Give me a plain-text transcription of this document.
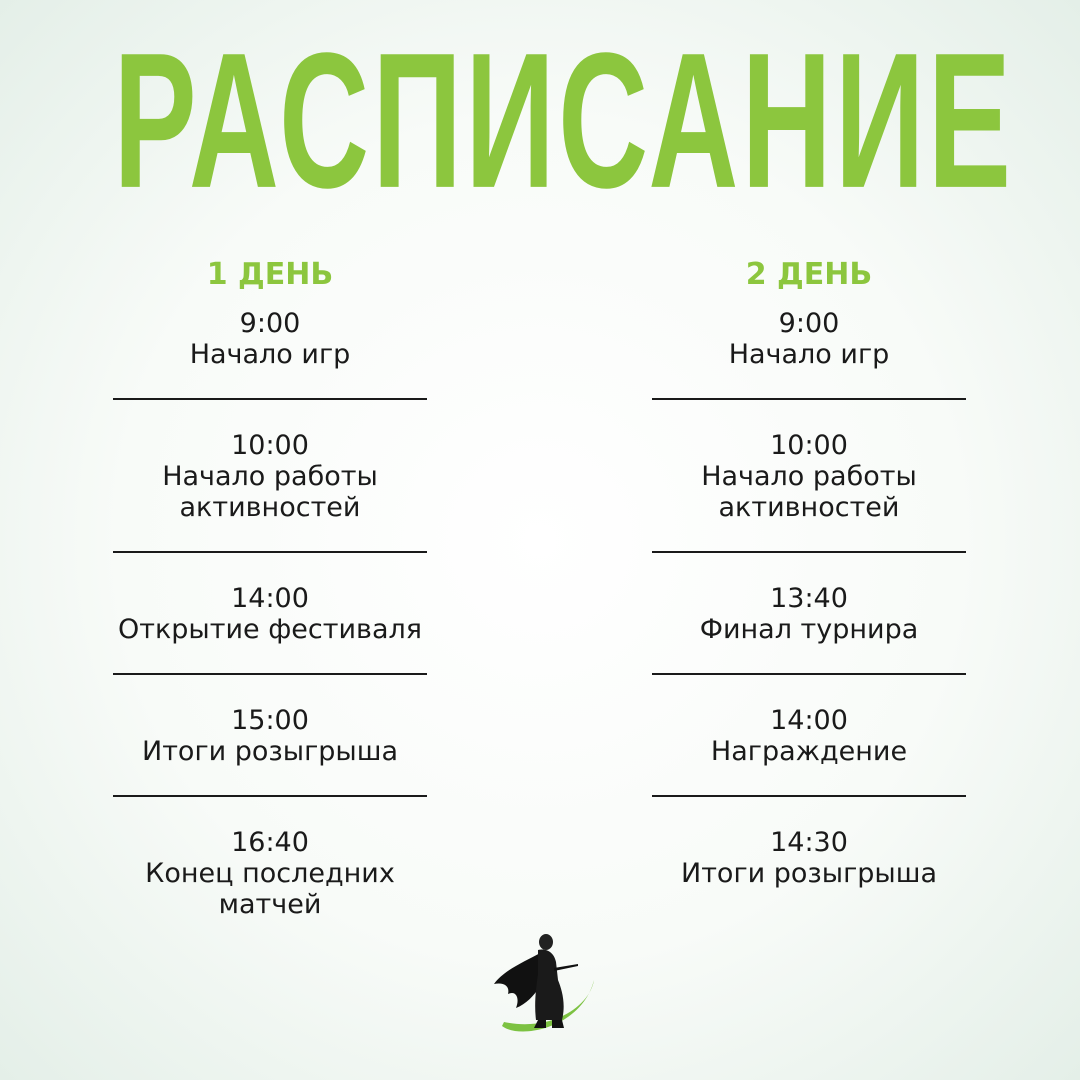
РАСПИСАНИЕ
1 ДЕНЬ
9:00
Начало игр
10:00
Начало работы
активностей
14:00
Открытие фестиваля
15:00
Итоги розыгрыша
16:40
Конец последних
матчей
2 ДЕНЬ
9:00
Начало игр
10:00
Начало работы
активностей
13:40
Финал турнира
14:00
Награждение
14:30
Итоги розыгрыша
